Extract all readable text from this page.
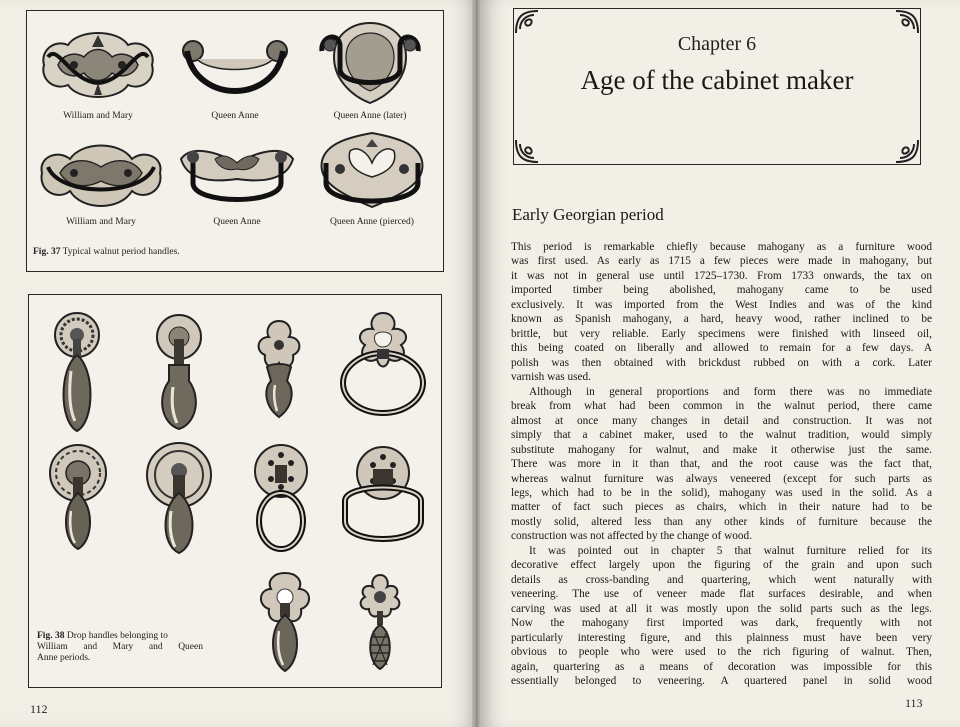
William and Mary	Queen Anne	Queen Anne (later)
William and Mary	Queen Anne	Queen Anne (pierced)
Fig. 37 Typical walnut period handles.
Fig. 38 Drop handles belonging to
William and Mary and Queen
Anne periods.
112
Chapter 6
Age of the cabinet maker
Early Georgian period
This period is remarkable chiefly because mahogany as a furniture wood
was first used. As early as 1715 a few pieces were made in mahogany, but
it was not in general use until 1725–1730. From 1733 onwards, the tax on
imported timber being abolished, mahogany came to be used
exclusively. It was imported from the West Indies and was of the kind
known as Spanish mahogany, a hard, heavy wood, rather inclined to be
brittle, but very reliable. Early specimens were finished with linseed oil,
this being coated on liberally and allowed to remain for a few days. A
polish was then obtained with brickdust rubbed on with a cork. Later
varnish was used.
Although in general proportions and form there was no immediate
break from what had been common in the walnut period, there came
almost at once many changes in detail and construction. It was not
simply that a cabinet maker, used to the walnut tradition, would simply
substitute mahogany for walnut, and make it otherwise just the same.
There was more in it than that, and the root cause was the fact that,
whereas walnut furniture was always veneered (except for such parts as
legs, which had to be in the solid), mahogany was used in the solid. As a
matter of fact such pieces as chairs, which in their nature had to be
mostly solid, altered less than any other kinds of furniture because the
construction was not affected by the change of wood.
It was pointed out in chapter 5 that walnut furniture relied for its
decorative effect largely upon the figuring of the grain and upon such
details as cross-banding and quartering, which went naturally with
veneering. The use of veneer made flat surfaces desirable, and when
carving was used at all it was mostly upon the solid parts such as the legs.
Now the mahogany first imported was dark, frequently with not
particularly interesting figure, and this plainness must have been very
obvious to people who were used to the rich figuring of walnut. Then,
again, quartering as a means of decoration was impossible for this
essentially belonged to veneering. A quartered panel in solid wood
113
